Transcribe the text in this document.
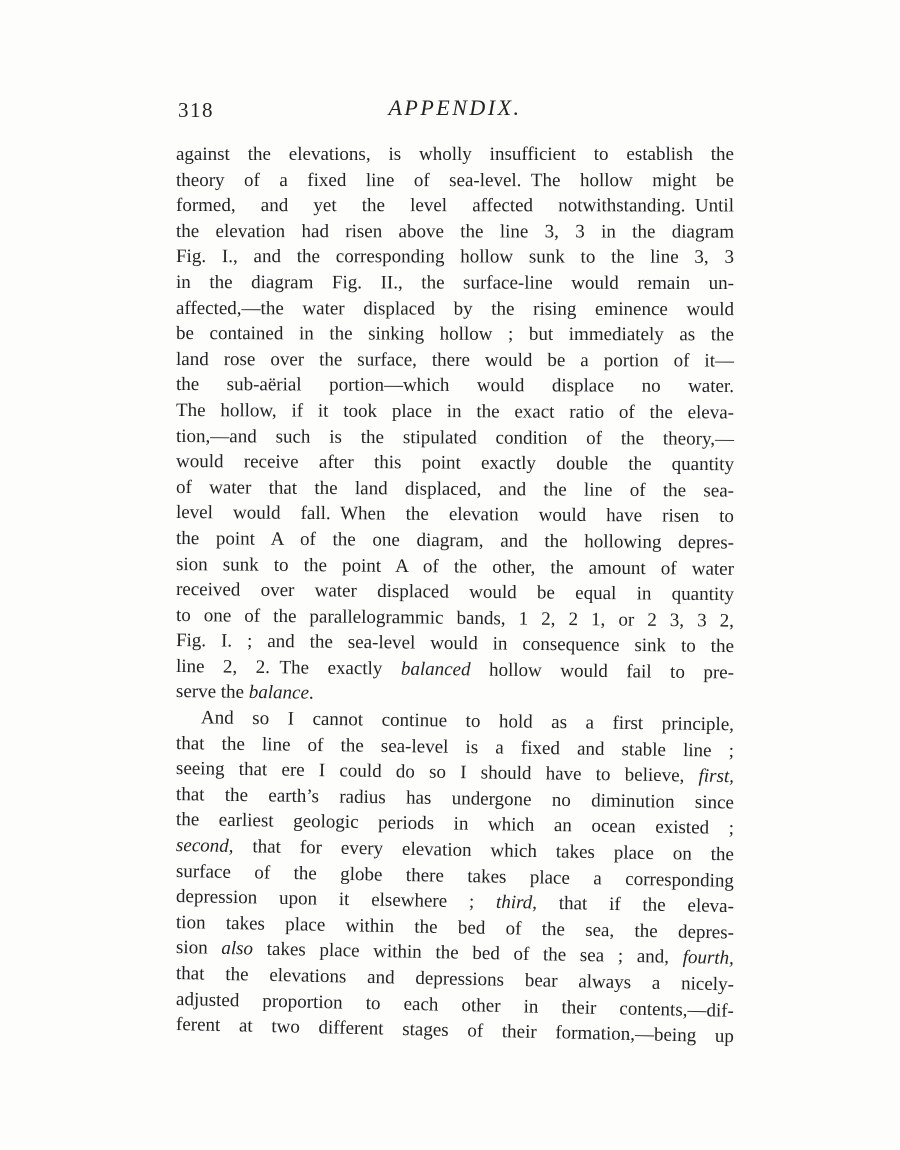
318	APPENDIX.
against the elevations, is wholly insufficient to establish the
theory of a fixed line of sea-level. The hollow might be
formed, and yet the level affected notwithstanding. Until
the elevation had risen above the line 3, 3 in the diagram
Fig. I., and the corresponding hollow sunk to the line 3, 3
in the diagram Fig. II., the surface-line would remain un-
affected,—the water displaced by the rising eminence would
be contained in the sinking hollow ; but immediately as the
land rose over the surface, there would be a portion of it—
the sub-aërial portion—which would displace no water.
The hollow, if it took place in the exact ratio of the eleva-
tion,—and such is the stipulated condition of the theory,—
would receive after this point exactly double the quantity
of water that the land displaced, and the line of the sea-
level would fall. When the elevation would have risen to
the point A of the one diagram, and the hollowing depres-
sion sunk to the point A of the other, the amount of water
received over water displaced would be equal in quantity
to one of the parallelogrammic bands, 1 2, 2 1, or 2 3, 3 2,
Fig. I. ; and the sea-level would in consequence sink to the
line 2, 2. The exactly balanced hollow would fail to pre-
serve the balance.
And so I cannot continue to hold as a first principle,
that the line of the sea-level is a fixed and stable line ;
seeing that ere I could do so I should have to believe, first,
that the earth’s radius has undergone no diminution since
the earliest geologic periods in which an ocean existed ;
second, that for every elevation which takes place on the
surface of the globe there takes place a corresponding
depression upon it elsewhere ; third, that if the eleva-
tion takes place within the bed of the sea, the depres-
sion also takes place within the bed of the sea ; and, fourth,
that the elevations and depressions bear always a nicely-
adjusted proportion to each other in their contents,—dif-
ferent at two different stages of their formation,—being up
